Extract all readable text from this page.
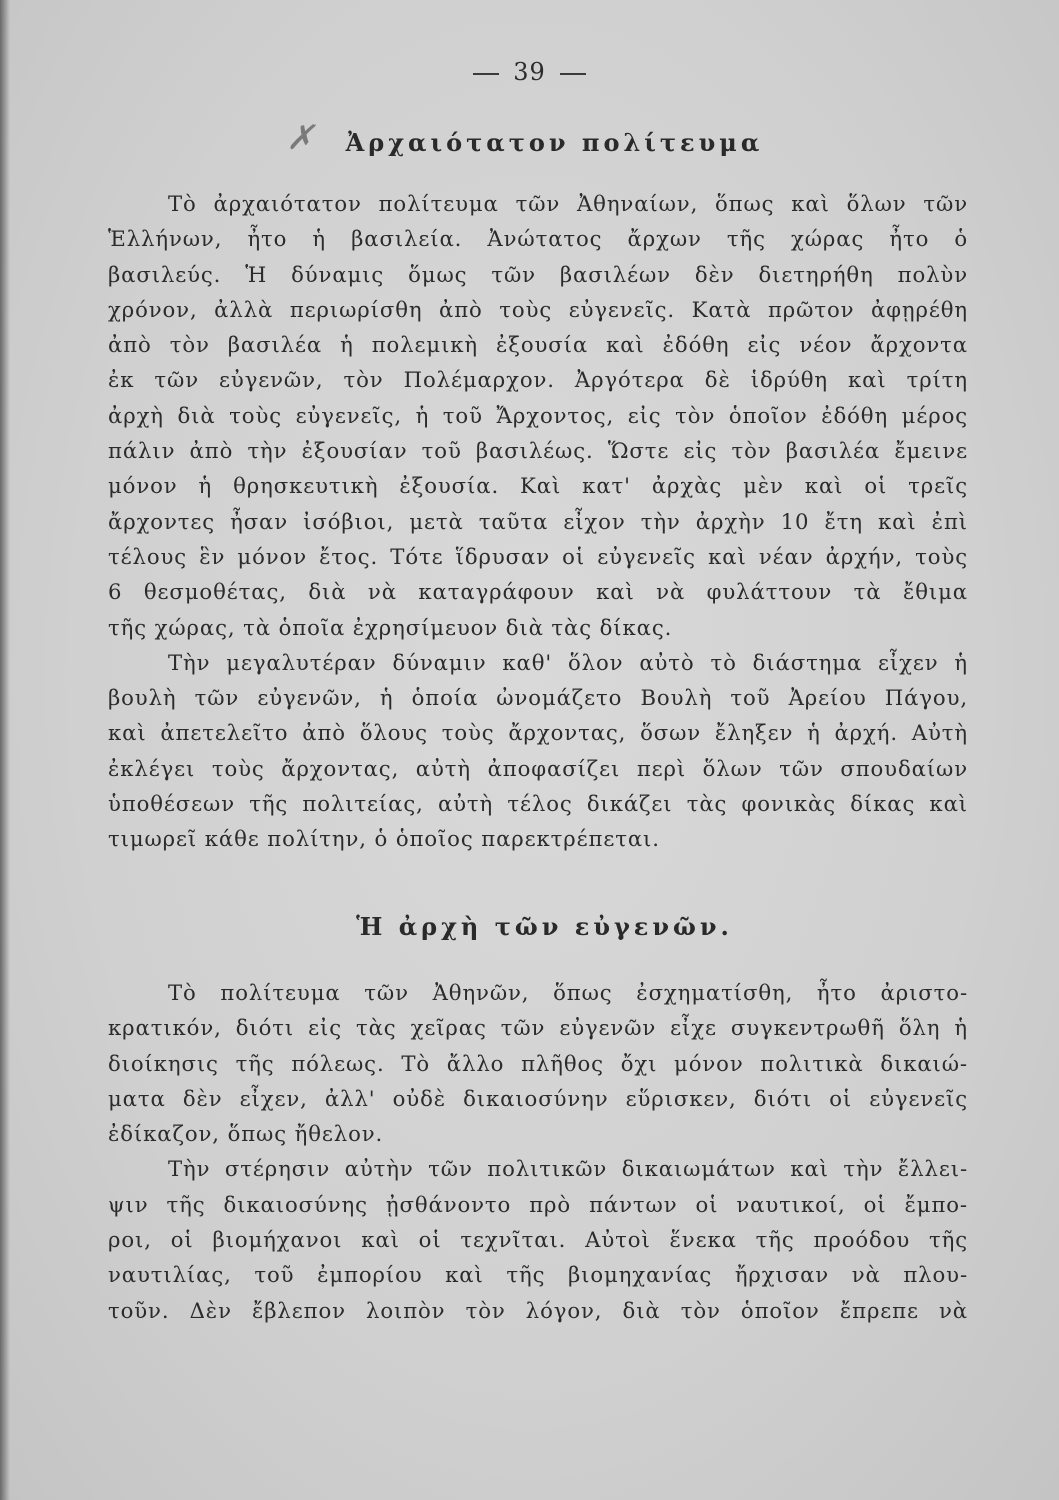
39
✗	Ἀρχαιότατον πολίτευμα
Τὸ ἀρχαιότατον πολίτευμα τῶν Ἀθηναίων, ὅπως καὶ ὅλων τῶν
Ἑλλήνων, ἦτο ἡ βασιλεία. Ἀνώτατος ἄρχων τῆς χώρας ἦτο ὁ
βασιλεύς. Ἡ δύναμις ὅμως τῶν βασιλέων δὲν διετηρήθη πολὺν
χρόνον, ἀλλὰ περιωρίσθη ἀπὸ τοὺς εὐγενεῖς. Κατὰ πρῶτον ἀφῃρέθη
ἀπὸ τὸν βασιλέα ἡ πολεμικὴ ἐξουσία καὶ ἐδόθη εἰς νέον ἄρχοντα
ἐκ τῶν εὐγενῶν, τὸν Πολέμαρχον. Ἀργότερα δὲ ἱδρύθη καὶ τρίτη
ἀρχὴ διὰ τοὺς εὐγενεῖς, ἡ τοῦ Ἄρχοντος, εἰς τὸν ὁποῖον ἐδόθη μέρος
πάλιν ἀπὸ τὴν ἐξουσίαν τοῦ βασιλέως. Ὥστε εἰς τὸν βασιλέα ἔμεινε
μόνον ἡ θρησκευτικὴ ἐξουσία. Καὶ κατ' ἀρχὰς μὲν καὶ οἱ τρεῖς
ἄρχοντες ἦσαν ἰσόβιοι, μετὰ ταῦτα εἶχον τὴν ἀρχὴν 10 ἔτη καὶ ἐπὶ
τέλους ἓν μόνον ἔτος. Τότε ἵδρυσαν οἱ εὐγενεῖς καὶ νέαν ἀρχήν, τοὺς
6 θεσμοθέτας, διὰ νὰ καταγράφουν καὶ νὰ φυλάττουν τὰ ἔθιμα
τῆς χώρας, τὰ ὁποῖα ἐχρησίμευον διὰ τὰς δίκας.
Τὴν μεγαλυτέραν δύναμιν καθ' ὅλον αὐτὸ τὸ διάστημα εἶχεν ἡ
βουλὴ τῶν εὐγενῶν, ἡ ὁποία ὠνομάζετο Βουλὴ τοῦ Ἀρείου Πάγου,
καὶ ἀπετελεῖτο ἀπὸ ὅλους τοὺς ἄρχοντας, ὅσων ἔληξεν ἡ ἀρχή. Αὐτὴ
ἐκλέγει τοὺς ἄρχοντας, αὐτὴ ἀποφασίζει περὶ ὅλων τῶν σπουδαίων
ὑποθέσεων τῆς πολιτείας, αὐτὴ τέλος δικάζει τὰς φονικὰς δίκας καὶ
τιμωρεῖ κάθε πολίτην, ὁ ὁποῖος παρεκτρέπεται.
Ἡ ἀρχὴ τῶν εὐγενῶν.
Τὸ πολίτευμα τῶν Ἀθηνῶν, ὅπως ἐσχηματίσθη, ἦτο ἀριστο-
κρατικόν, διότι εἰς τὰς χεῖρας τῶν εὐγενῶν εἶχε συγκεντρωθῆ ὅλη ἡ
διοίκησις τῆς πόλεως. Τὸ ἄλλο πλῆθος ὄχι μόνον πολιτικὰ δικαιώ-
ματα δὲν εἶχεν, ἀλλ' οὐδὲ δικαιοσύνην εὕρισκεν, διότι οἱ εὐγενεῖς
ἐδίκαζον, ὅπως ἤθελον.
Τὴν στέρησιν αὐτὴν τῶν πολιτικῶν δικαιωμάτων καὶ τὴν ἔλλει-
ψιν τῆς δικαιοσύνης ᾐσθάνοντο πρὸ πάντων οἱ ναυτικοί, οἱ ἔμπο-
ροι, οἱ βιομήχανοι καὶ οἱ τεχνῖται. Αὐτοὶ ἕνεκα τῆς προόδου τῆς
ναυτιλίας, τοῦ ἐμπορίου καὶ τῆς βιομηχανίας ἤρχισαν νὰ πλου-
τοῦν. Δὲν ἔβλεπον λοιπὸν τὸν λόγον, διὰ τὸν ὁποῖον ἔπρεπε νὰ
